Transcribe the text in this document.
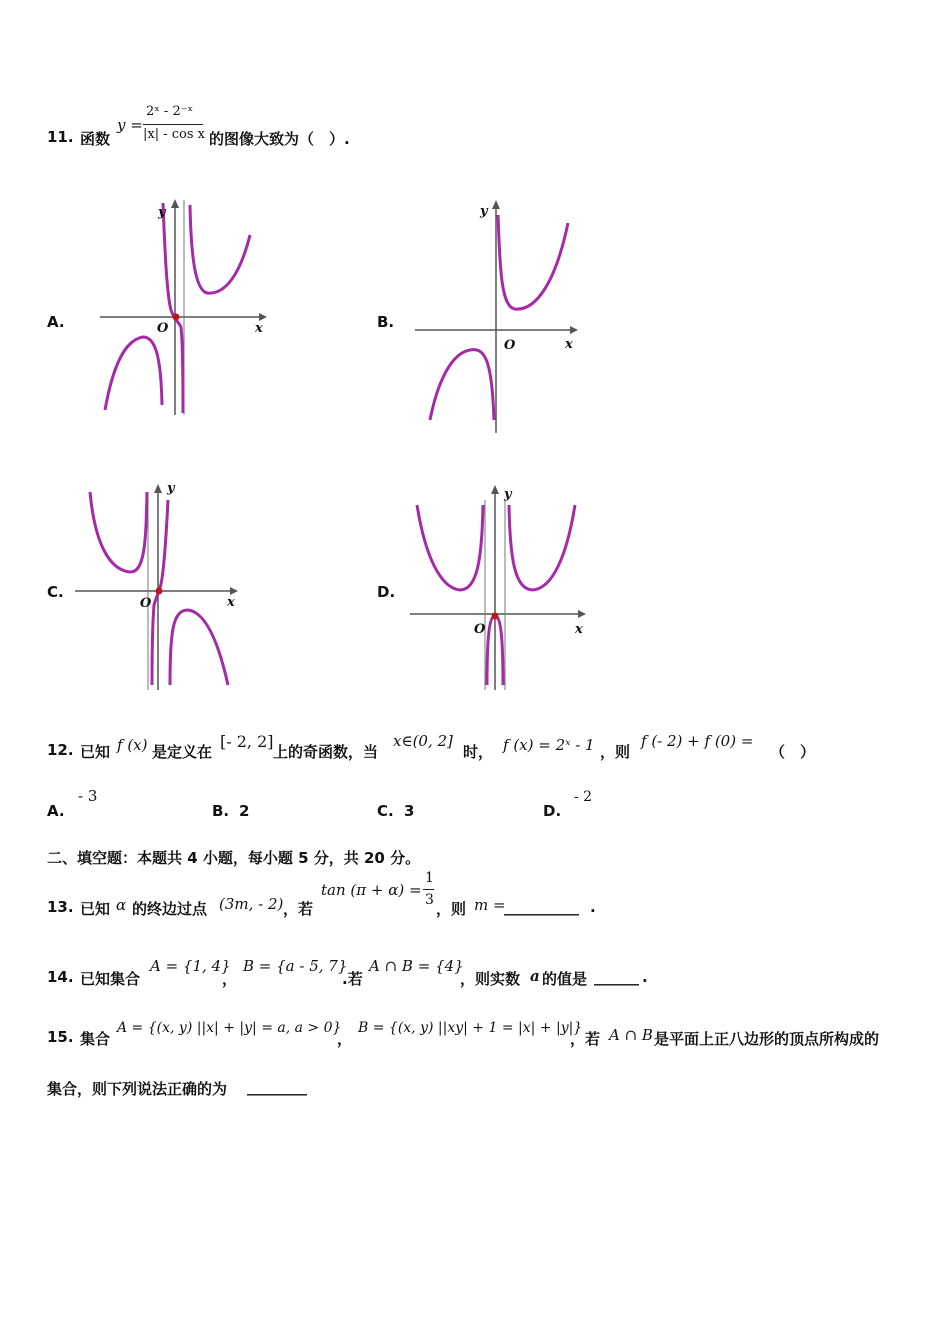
11. 函数
y =
2ˣ - 2⁻ˣ
|x| - cos x 的图像大致为（　）.
A.	B.
C.	D.
y
x
O
y
x
O
y
x
O
y
x
O
12. 已知 f (x) 是定义在
[- 2, 2]
上的奇函数，当
x∈(0, 2]
时， f (x) = 2ˣ - 1 ，则
f (- 2) + f (0) =
（　）
A.
- 3
B. 2	C. 3	D.
- 2
二、填空题：本题共 4 小题，每小题 5 分，共 20 分。
13. 已知 α 的终边过点 (3m, - 2) ，若
tan (π + α) =
1
3 ，则 m =
__________ .
14. 已知集合
A = {1, 4}
，
B = {a - 5, 7}
.若
A ∩ B = {4}
，则实数 a 的值是 ______ .
15. 集合
A = {(x, y) ||x| + |y| = a, a > 0}
，
B = {(x, y) ||xy| + 1 = |x| + |y|}
，若 A ∩ B 是平面上正八边形的顶点所构成的
集合，则下列说法正确的为 ________
